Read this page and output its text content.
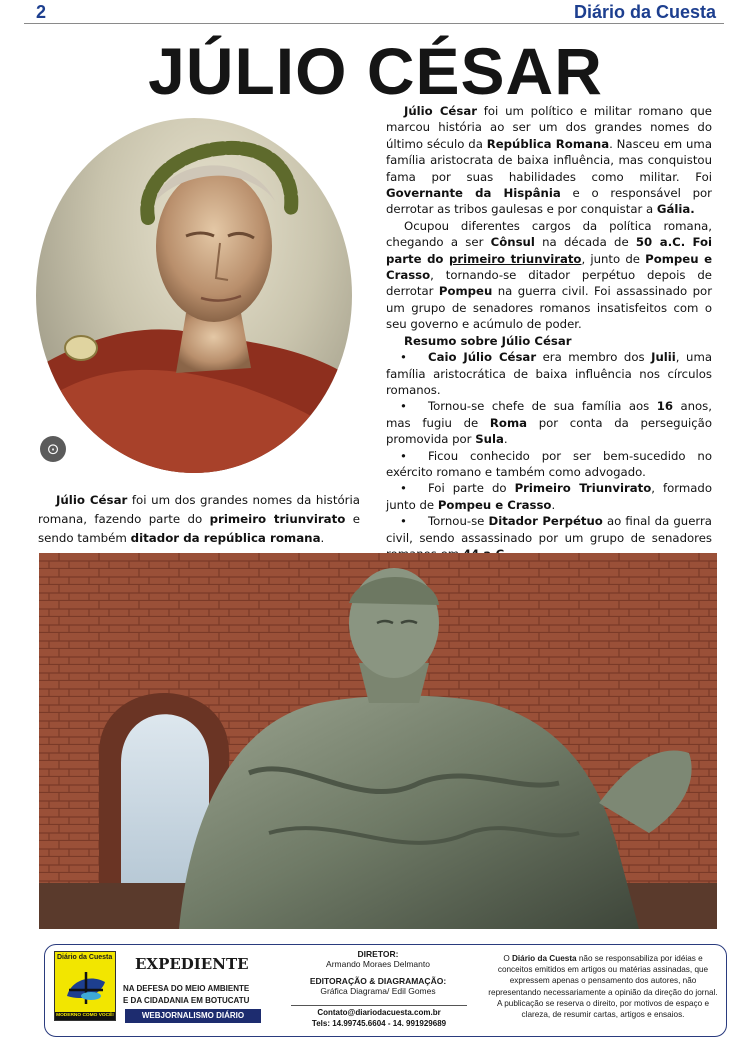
2	Diário da Cuesta
JÚLIO CÉSAR
⊙

Júlio César foi um dos grandes nomes da história romana, fazendo parte do primeiro triunvirato e sendo também ditador da república romana.

Júlio César foi um político e militar romano que marcou história ao ser um dos grandes nomes do último século da República Romana. Nasceu em uma família aristocrata de baixa influência, mas conquistou fama por suas habilidades como militar. Foi Governante da Hispânia e o responsável por derrotar as tribos gaulesas e por conquistar a Gália.

Ocupou diferentes cargos da política romana, chegando a ser Cônsul na década de 50 a.C. Foi parte do primeiro triunvirato, junto de Pompeu e Crasso, tornando-se ditador perpétuo depois de derrotar Pompeu na guerra civil. Foi assassinado por um grupo de senadores romanos insatisfeitos com o seu governo e acúmulo de poder.

Resumo sobre Júlio César

• Caio Júlio César era membro dos Julii, uma família aristocrática de baixa influência nos círculos romanos.

• Tornou-se chefe de sua família aos 16 anos, mas fugiu de Roma por conta da perseguição promovida por Sula.

• Ficou conhecido por ser bem-sucedido no exército romano e também como advogado.

• Foi parte do Primeiro Triunvirato, formado junto de Pompeu e Crasso.

• Tornou-se Ditador Perpétuo ao final da guerra civil, sendo assassinado por um grupo de senadores

Diário da Cuesta
MODERNO COMO VOCÊ!
EXPEDIENTE
NA DEFESA DO MEIO AMBIENTE
E DA CIDADANIA EM BOTUCATU
WEBJORNALISMO DIÁRIO
DIRETOR:
Armando Moraes Delmanto
EDITORAÇÃO & DIAGRAMAÇÃO:
Gráfica Diagrama/ Edil Gomes
Contato@diariodacuesta.com.br
Tels: 14.99745.6604 - 14. 991929689
O Diário da Cuesta não se responsabiliza por idéias e conceitos emitidos em artigos ou matérias assinadas, que expressem apenas o pensamento dos autores, não representando necessariamente a opinião da direção do jornal. A publicação se reserva o direito, por motivos de espaço e clareza, de resumir cartas, artigos e ensaios.
